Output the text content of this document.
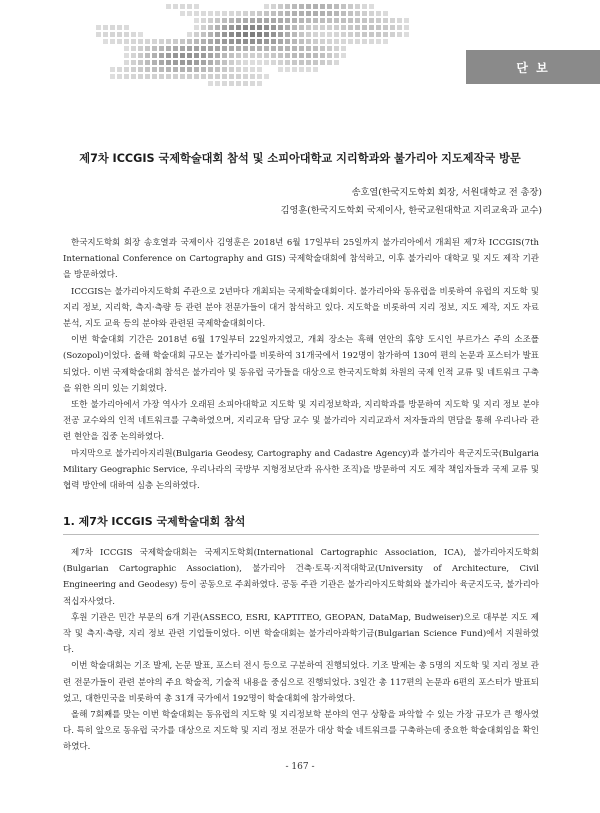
단 보
제7차 ICCGIS 국제학술대회 참석 및 소피아대학교 지리학과와 불가리아 지도제작국 방문
송호열(한국지도학회 회장, 서원대학교 전 총장)
김영훈(한국지도학회 국제이사, 한국교원대학교 지리교육과 교수)

한국지도학회 회장 송호열과 국제이사 김영훈은 2018년 6월 17일부터 25일까지 불가리아에서 개최된 제7차 ICCGIS(7th International Conference on Cartography and GIS) 국제학술대회에 참석하고, 이후 불가리아 대학교 및 지도 제작 기관을 방문하였다.

ICCGIS는 불가리아지도학회 주관으로 2년마다 개최되는 국제학술대회이다. 불가리아와 동유럽을 비롯하여 유럽의 지도학 및 지리 정보, 지리학, 측지·측량 등 관련 분야 전문가들이 대거 참석하고 있다. 지도학을 비롯하여 지리 정보, 지도 제작, 지도 자료 분석, 지도 교육 등의 분야와 관련된 국제학술대회이다.

이번 학술대회 기간은 2018년 6월 17일부터 22일까지였고, 개최 장소는 흑해 연안의 휴양 도시인 부르가스 주의 소조폴(Sozopol)이었다. 올해 학술대회 규모는 불가리아를 비롯하여 31개국에서 192명이 참가하여 130여 편의 논문과 포스터가 발표되었다. 이번 국제학술대회 참석은 불가리아 및 동유럽 국가들을 대상으로 한국지도학회 차원의 국제 인적 교류 및 네트워크 구축을 위한 의미 있는 기회였다.

또한 불가리아에서 가장 역사가 오래된 소피아대학교 지도학 및 지리정보학과, 지리학과를 방문하여 지도학 및 지리 정보 분야 전공 교수와의 인적 네트워크를 구축하였으며, 지리교육 담당 교수 및 불가리아 지리교과서 저자들과의 면담을 통해 우리나라 관련 현안을 집중 논의하였다.

마지막으로 불가리아지리원(Bulgaria Geodesy, Cartography and Cadastre Agency)과 불가리아 육군지도국(Bulgaria Military Geographic Service, 우리나라의 국방부 지형정보단과 유사한 조직)을 방문하여 지도 제작 책임자들과 국제 교류 및 협력 방안에 대하여 심층 논의하였다.

1. 제7차 ICCGIS 국제학술대회 참석

제7차 ICCGIS 국제학술대회는 국제지도학회(International Cartographic Association, ICA), 불가리아지도학회(Bulgarian Cartographic Association), 불가리아 건축·토목·지적대학교(University of Architecture, Civil Engineering and Geodesy) 등이 공동으로 주최하였다. 공동 주관 기관은 불가리아지도학회와 불가리아 육군지도국, 불가리아 적십자사였다.

후원 기관은 민간 부문의 6개 기관(ASSECO, ESRI, KAPTITEO, GEOPAN, DataMap, Budweiser)으로 대부분 지도 제작 및 측지·측량, 지리 정보 관련 기업들이었다. 이번 학술대회는 불가리아과학기금(Bulgarian Science Fund)에서 지원하였다.

이번 학술대회는 기조 발제, 논문 발표, 포스터 전시 등으로 구분하여 진행되었다. 기조 발제는 총 5명의 지도학 및 지리 정보 관련 전문가들이 관련 분야의 주요 학술적, 기술적 내용을 중심으로 진행되었다. 3일간 총 117편의 논문과 6편의 포스터가 발표되었고, 대한민국을 비롯하여 총 31개 국가에서 192명이 학술대회에 참가하였다.

올해 7회째를 맞는 이번 학술대회는 동유럽의 지도학 및 지리정보학 분야의 연구 상황을 파악할 수 있는 가장 규모가 큰 행사였다. 특히 앞으로 동유럽 국가를 대상으로 지도학 및 지리 정보 전문가 대상 학술 네트워크를 구축하는데 중요한 학술대회임을 확인하였다.

- 167 -
